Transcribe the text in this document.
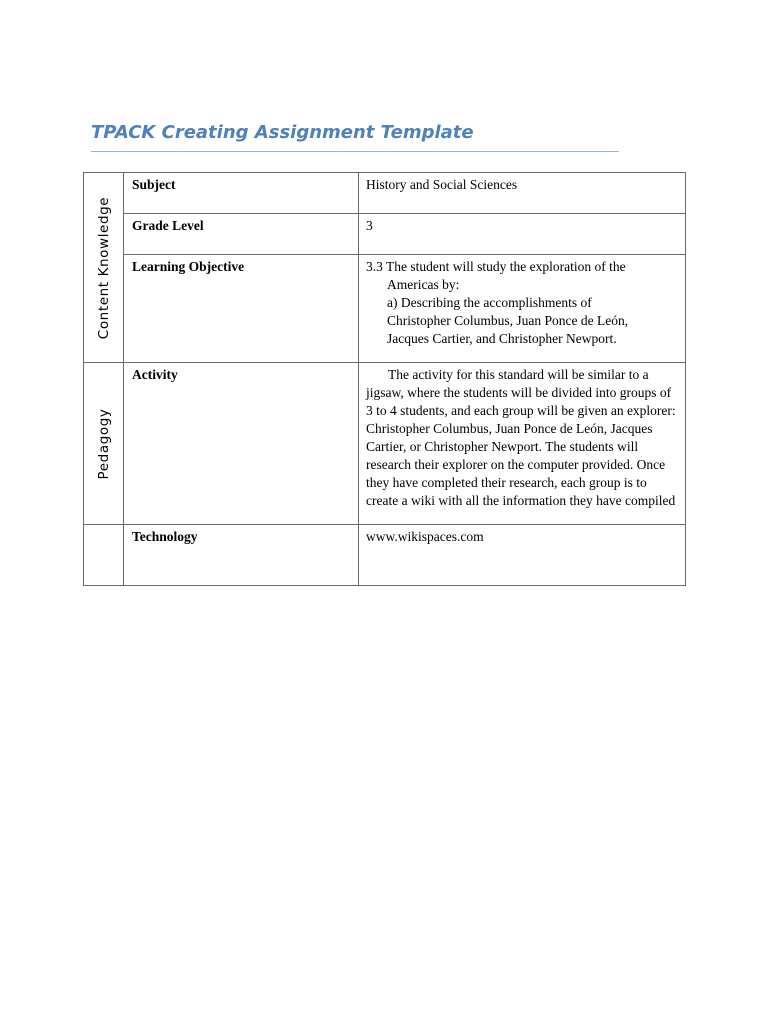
TPACK Creating Assignment Template
Content Knowledge	Subject	History and Social Sciences
	Grade Level	3
	Learning Objective	3.3 The student will study the exploration of the
Americas by:
a) Describing the accomplishments of
Christopher Columbus, Juan Ponce de León,
Jacques Cartier, and Christopher Newport.

Pedagogy	Activity	The activity for this standard will be similar to a jigsaw, where the students will be divided into groups of 3 to 4 students, and each group will be given an explorer: Christopher Columbus, Juan Ponce de León, Jacques Cartier, or Christopher Newport. The students will research their explorer on the computer provided. Once they have completed their research, each group is to create a wiki with all the information they have compiled

	Technology	www.wikispaces.com
